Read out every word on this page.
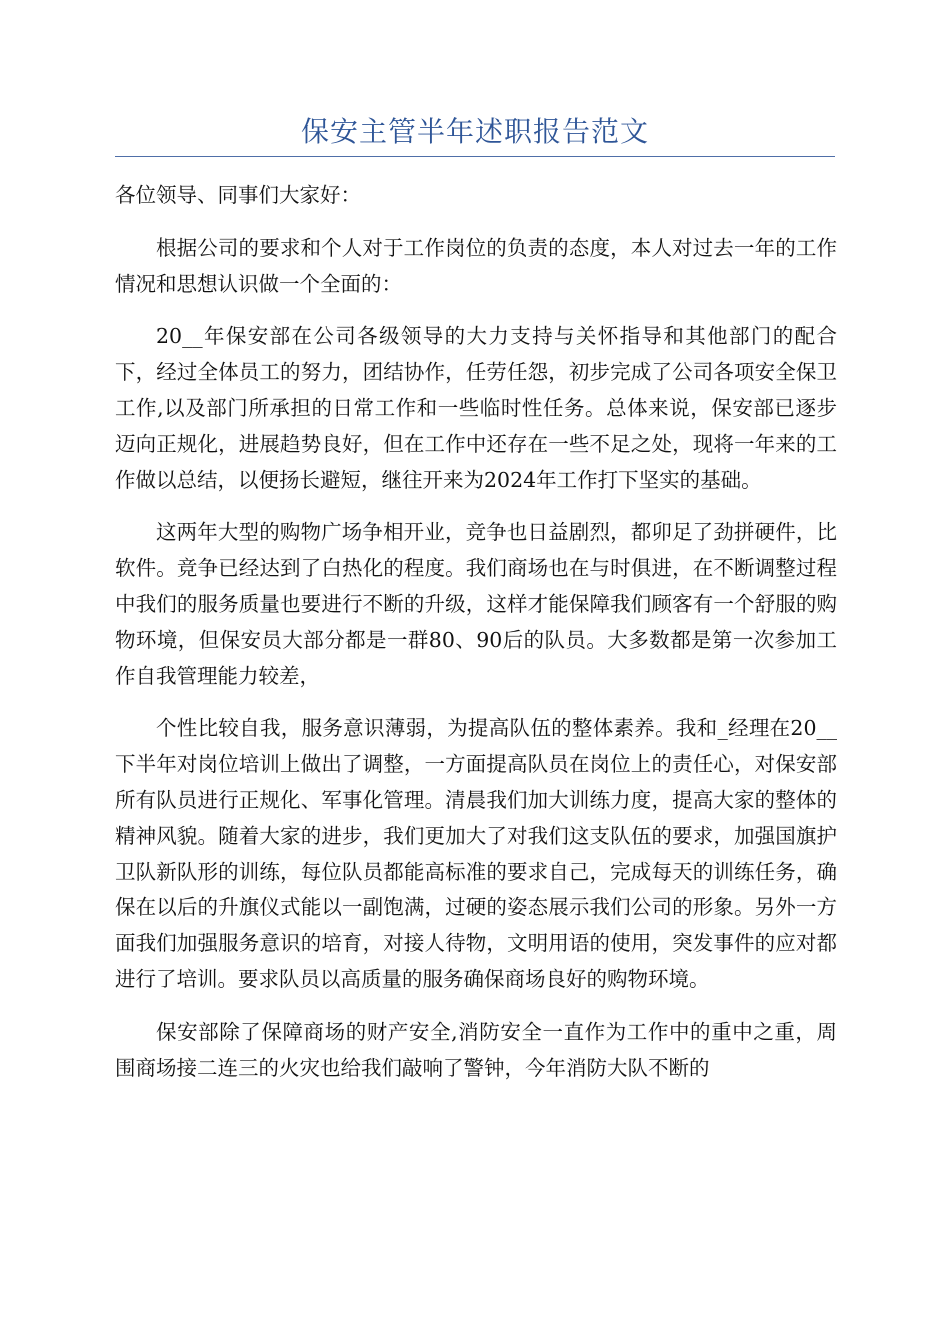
保安主管半年述职报告范文

各位领导、同事们大家好：

根据公司的要求和个人对于工作岗位的负责的态度，本人对过去一年的工作情况和思想认识做一个全面的：

20__年保安部在公司各级领导的大力支持与关怀指导和其他部门的配合下，经过全体员工的努力，团结协作，任劳任怨，初步完成了公司各项安全保卫工作,以及部门所承担的日常工作和一些临时性任务。总体来说，保安部已逐步迈向正规化，进展趋势良好，但在工作中还存在一些不足之处，现将一年来的工作做以总结，以便扬长避短，继往开来为2024年工作打下坚实的基础。

这两年大型的购物广场争相开业，竞争也日益剧烈，都卯足了劲拼硬件，比软件。竞争已经达到了白热化的程度。我们商场也在与时俱进，在不断调整过程中我们的服务质量也要进行不断的升级，这样才能保障我们顾客有一个舒服的购物环境，但保安员大部分都是一群80、90后的队员。大多数都是第一次参加工作自我管理能力较差，

个性比较自我，服务意识薄弱，为提高队伍的整体素养。我和_经理在20__下半年对岗位培训上做出了调整，一方面提高队员在岗位上的责任心，对保安部所有队员进行正规化、军事化管理。清晨我们加大训练力度，提高大家的整体的精神风貌。随着大家的进步，我们更加大了对我们这支队伍的要求，加强国旗护卫队新队形的训练，每位队员都能高标准的要求自己，完成每天的训练任务，确保在以后的升旗仪式能以一副饱满，过硬的姿态展示我们公司的形象。另外一方面我们加强服务意识的培育，对接人待物，文明用语的使用，突发事件的应对都进行了培训。要求队员以高质量的服务确保商场良好的购物环境。

保安部除了保障商场的财产安全,消防安全一直作为工作中的重中之重，周围商场接二连三的火灾也给我们敲响了警钟，今年消防大队不断的
